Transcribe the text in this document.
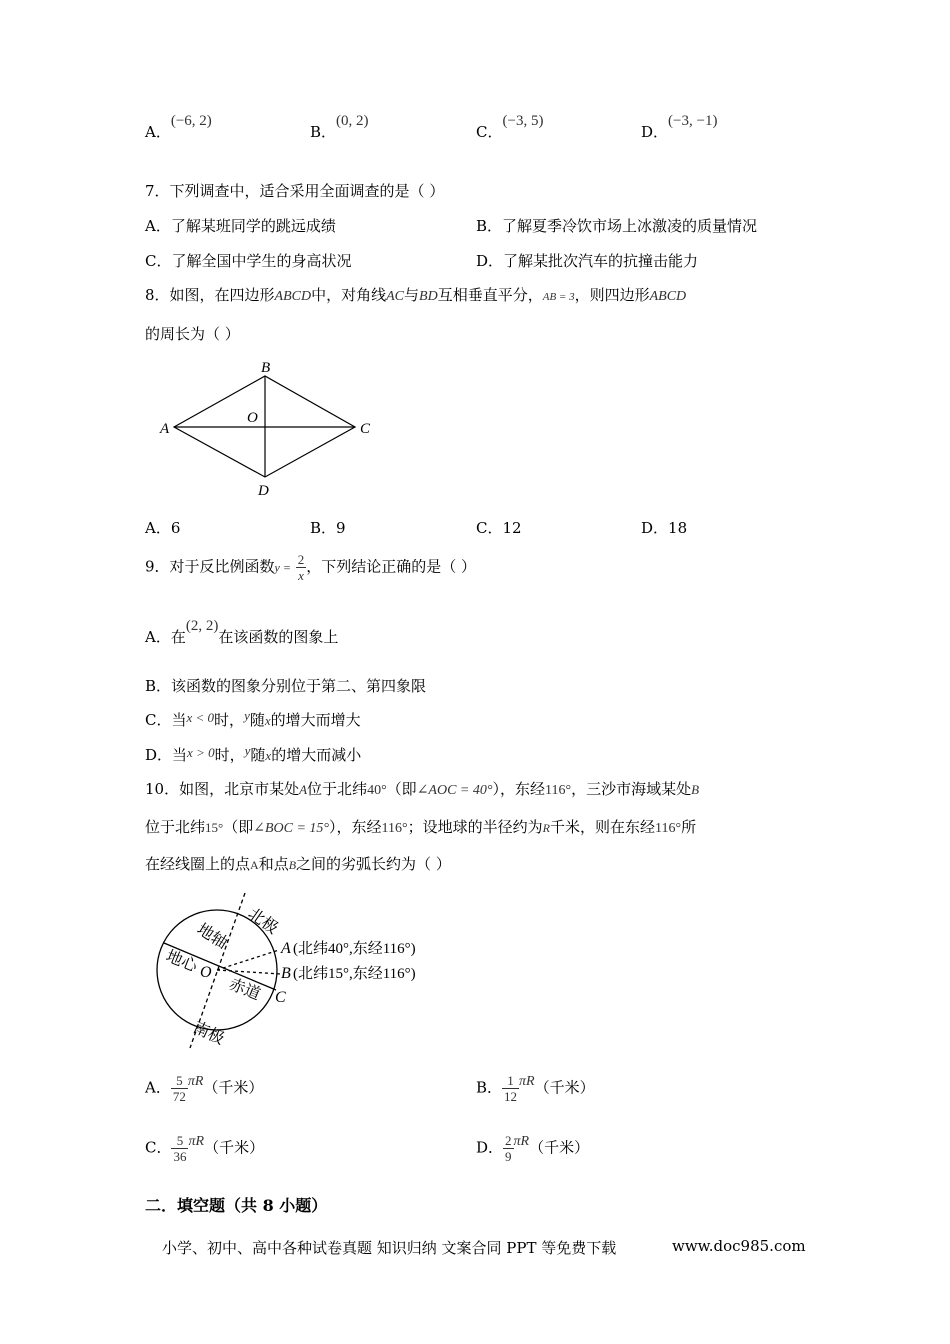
A．(−6, 2)
B．(0, 2)
C．(−3, 5)
D．(−3, −1)
7．下列调查中，适合采用全面调查的是（ ）
A．了解某班同学的跳远成绩	B．了解夏季冷饮市场上冰激凌的质量情况
C．了解全国中学生的身高状况	D．了解某批次汽车的抗撞击能力
8．如图，在四边形ABCD中，对角线AC与BD互相垂直平分，AB = 3，则四边形ABCD
的周长为（ ）
A
B
C
D
O
A．6	B．9	C．12	D．18
9．对于反比例函数$y = \frac{2}{x}$ ，下列结论正确的是（ ）
A．在(2, 2)在该函数的图象上
B．该函数的图象分别位于第二、第四象限
C．当x < 0时，y随x的增大而增大
D．当x > 0时，y随x的增大而减小
10．如图，北京市某处A位于北纬40°（即∠AOC = 40°），东经116°，三沙市海域某处B
位于北纬15°（即∠BOC = 15°），东经116°；设地球的半径约为R千米，则在东经116°所
在经线圈上的点A和点B之间的劣弧长约为（ ）
北极
地轴
地心 O
赤道
南极
A (北纬40°,东经116°)
B (北纬15°,东经116°)
C
A． $\frac{5}{72} \pi R$（千米）	B． $\frac{1}{12} \pi R$（千米）
C． $\frac{5}{36} \pi R$（千米）	D． $\frac{2}{9} \pi R$（千米）
二．填空题（共 8 小题）
小学、初中、高中各种试卷真题 知识归纳 文案合同 PPT 等免费下载	www.doc985.com
